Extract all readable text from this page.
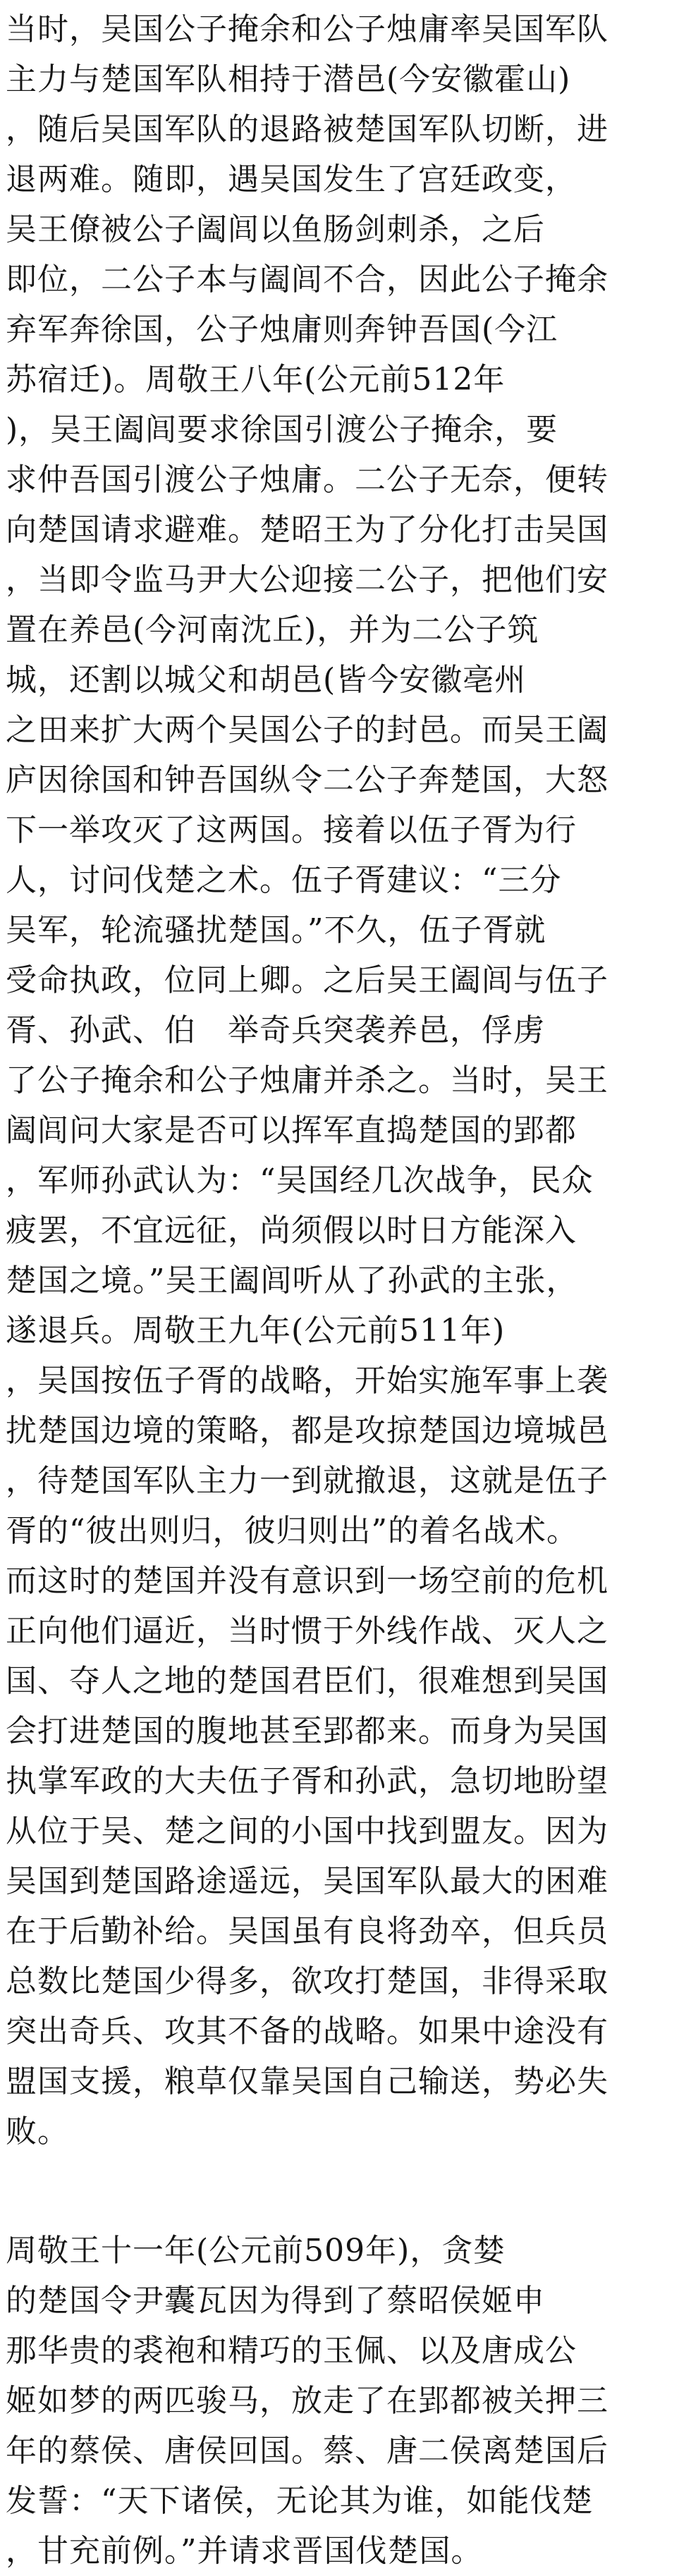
当时，吴国公子掩余和公子烛庸率吴国军队
主力与楚国军队相持于潜邑(今安徽霍山)
，随后吴国军队的退路被楚国军队切断，进
退两难。随即，遇吴国发生了宫廷政变，
吴王僚被公子阖闾以鱼肠剑刺杀，之后
即位，二公子本与阖闾不合，因此公子掩余
弃军奔徐国，公子烛庸则奔钟吾国(今江
苏宿迁)。周敬王八年(公元前512年
)，吴王阖闾要求徐国引渡公子掩余，要
求仲吾国引渡公子烛庸。二公子无奈，便转
向楚国请求避难。楚昭王为了分化打击吴国
，当即令监马尹大公迎接二公子，把他们安
置在养邑(今河南沈丘)，并为二公子筑
城，还割以城父和胡邑(皆今安徽亳州
之田来扩大两个吴国公子的封邑。而吴王阖
庐因徐国和钟吾国纵令二公子奔楚国，大怒
下一举攻灭了这两国。接着以伍子胥为行
人，讨问伐楚之术。伍子胥建议：“三分
吴军，轮流骚扰楚国。”不久，伍子胥就
受命执政，位同上卿。之后吴王阖闾与伍子
胥、孙武、伯　举奇兵突袭养邑，俘虏
了公子掩余和公子烛庸并杀之。当时，吴王
阖闾问大家是否可以挥军直捣楚国的郢都
，军师孙武认为：“吴国经几次战争，民众
疲罢，不宜远征，尚须假以时日方能深入
楚国之境。”吴王阖闾听从了孙武的主张，
遂退兵。周敬王九年(公元前511年)
，吴国按伍子胥的战略，开始实施军事上袭
扰楚国边境的策略，都是攻掠楚国边境城邑
，待楚国军队主力一到就撤退，这就是伍子
胥的“彼出则归，彼归则出”的着名战术。
而这时的楚国并没有意识到一场空前的危机
正向他们逼近，当时惯于外线作战、灭人之
国、夺人之地的楚国君臣们，很难想到吴国
会打进楚国的腹地甚至郢都来。而身为吴国
执掌军政的大夫伍子胥和孙武，急切地盼望
从位于吴、楚之间的小国中找到盟友。因为
吴国到楚国路途遥远，吴国军队最大的困难
在于后勤补给。吴国虽有良将劲卒，但兵员
总数比楚国少得多，欲攻打楚国，非得采取
突出奇兵、攻其不备的战略。如果中途没有
盟国支援，粮草仅靠吴国自己输送，势必失
败。
周敬王十一年(公元前509年)，贪婪
的楚国令尹囊瓦因为得到了蔡昭侯姬申
那华贵的裘袍和精巧的玉佩、以及唐成公
姬如梦的两匹骏马，放走了在郢都被关押三
年的蔡侯、唐侯回国。蔡、唐二侯离楚国后
发誓：“天下诸侯，无论其为谁，如能伐楚
，甘充前例。”并请求晋国伐楚国。
